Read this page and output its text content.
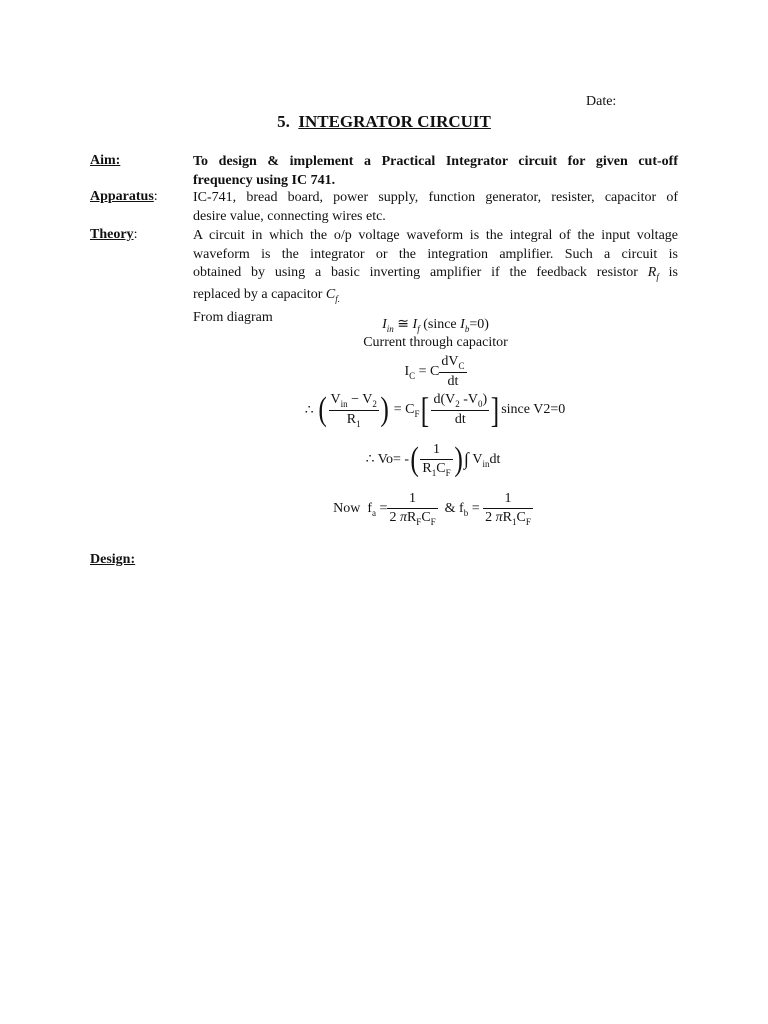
Date:
5. INTEGRATOR CIRCUIT
Aim:	To design & implement a Practical Integrator circuit for given cut-off
frequency using IC 741.
Apparatus:	IC-741, bread board, power supply, function generator, resister, capacitor of
desire value, connecting wires etc.
Theory:	A circuit in which the o/p voltage waveform is the integral of the input voltage
waveform is the integrator or the integration amplifier. Such a circuit is
obtained by using a basic inverting amplifier if the feedback resistor $R_f$ is
replaced by a capacitor $C_{f.}$
From diagram	$I_{in}$ ≅ $I_f$ (since $I_b=0$)
Current through capacitor
$I_C = C \frac{dV_C}{dt}$
∴ ( $\frac{V_{in} - V_2}{R_1}$ ) = $C_F$ [ $\frac{d(V_2 -V_0)}{dt}$ ] since V2=0
∴ Vo= - ( $\frac{1}{R_1C_F}$ ) ∫ $V_{in}dt$
Now $f_a = \frac{1}{2 \pi R_FC_F}$ & $f_b = \frac{1}{2 \pi R_1C_F}$
Design:
